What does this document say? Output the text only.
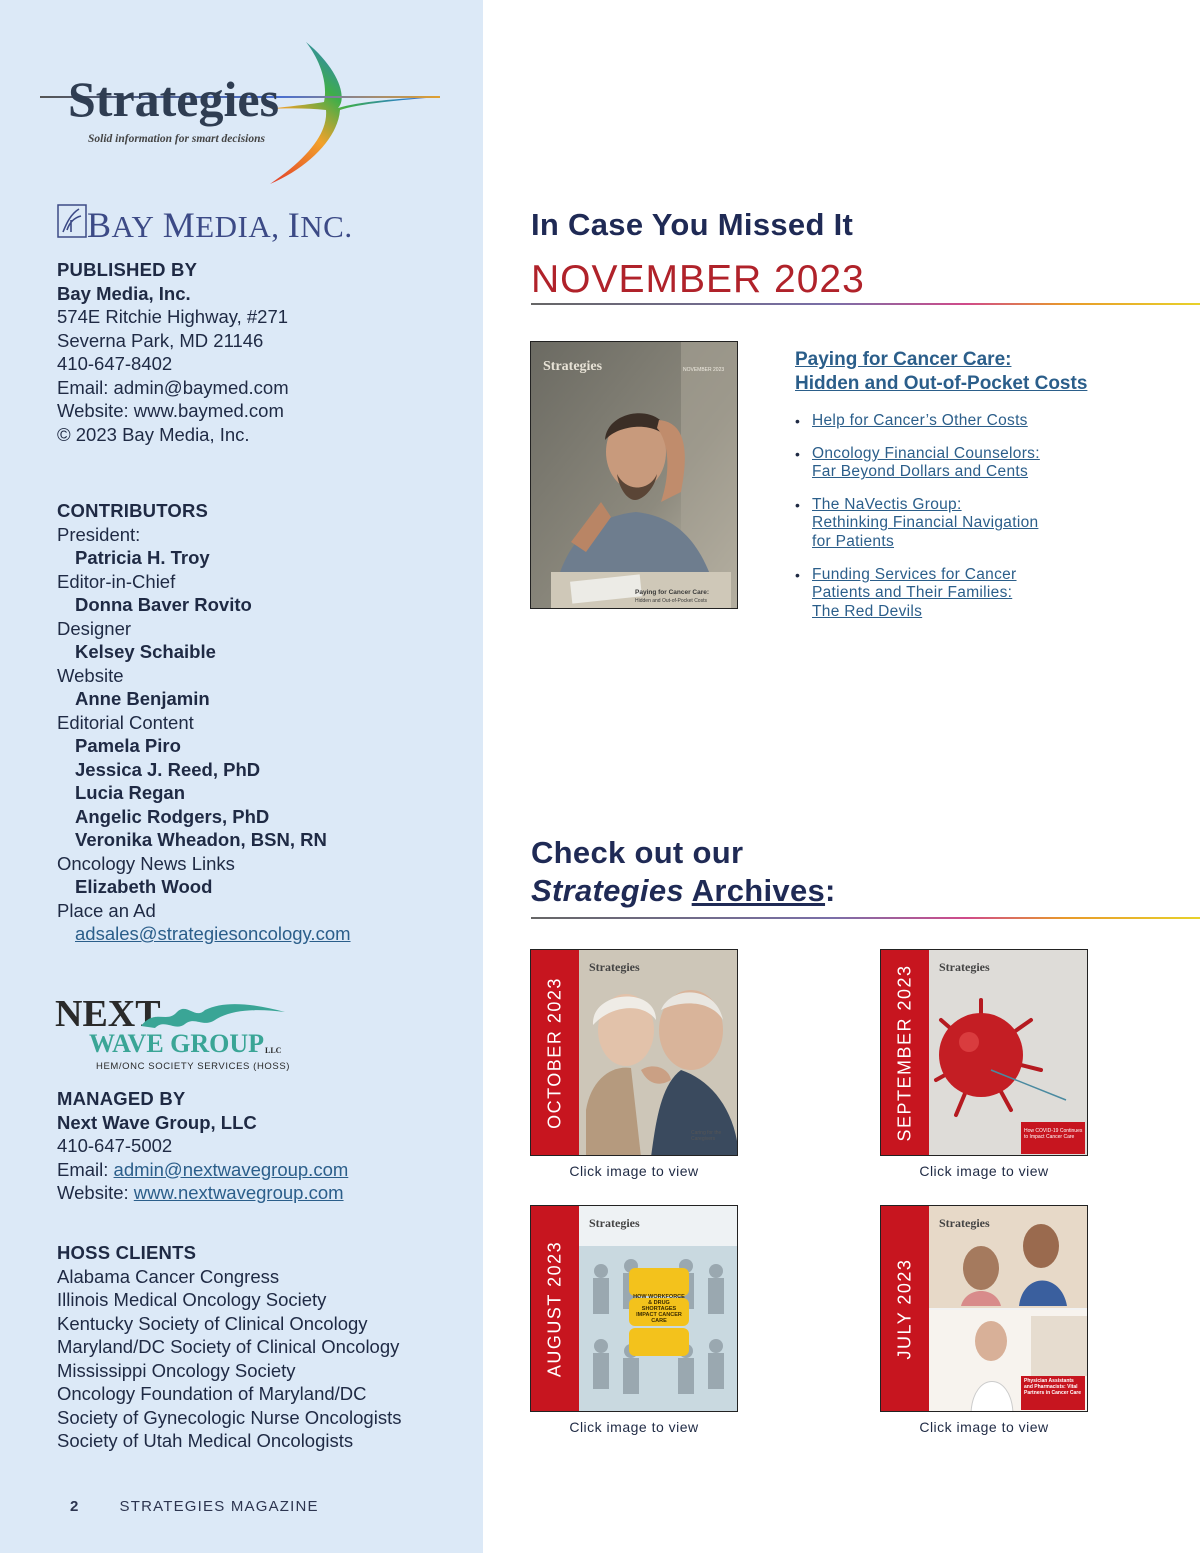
Strategies
Solid information for smart decisions
BAY MEDIA, INC.
PUBLISHED BY
Bay Media, Inc.
574E Ritchie Highway, #271
Severna Park, MD 21146
410-647-8402
Email: admin@baymed.com
Website: www.baymed.com
© 2023 Bay Media, Inc.
CONTRIBUTORS
President:
Patricia H. Troy
Editor-in-Chief
Donna Baver Rovito
Designer
Kelsey Schaible
Website
Anne Benjamin
Editorial Content
Pamela Piro
Jessica J. Reed, PhD
Lucia Regan
Angelic Rodgers, PhD
Veronika Wheadon, BSN, RN
Oncology News Links
Elizabeth Wood
Place an Ad
adsales@strategiesoncology.com
NEXT
WAVE GROUP LLC
HEM/ONC SOCIETY SERVICES (HOSS)
MANAGED BY
Next Wave Group, LLC
410-647-5002
Email: admin@nextwavegroup.com
Website: www.nextwavegroup.com
HOSS CLIENTS
Alabama Cancer Congress
Illinois Medical Oncology Society
Kentucky Society of Clinical Oncology
Maryland/DC Society of Clinical Oncology
Mississippi Oncology Society
Oncology Foundation of Maryland/DC
Society of Gynecologic Nurse Oncologists
Society of Utah Medical Oncologists
2	STRATEGIES MAGAZINE
In Case You Missed It
NOVEMBER 2023
Strategies	NOVEMBER 2023
Paying for Cancer Care:
Hidden and Out-of-Pocket Costs
Paying for Cancer Care:
Hidden and Out-of-Pocket Costs
• Help for Cancer’s Other Costs
• Oncology Financial Counselors:
Far Beyond Dollars and Cents
• The NaVectis Group:
Rethinking Financial Navigation
for Patients
• Funding Services for Cancer
Patients and Their Families:
The Red Devils
Check out our
Strategies Archives:
OCTOBER 2023
Strategies
Caring for the Caregivers
Click image to view
SEPTEMBER 2023 Strategies
How COVID-19 Continues to Impact Cancer Care
Click image to view
AUGUST 2023
Strategies
HOW WORKFORCE & DRUG SHORTAGES IMPACT CANCER CARE
Click image to view
JULY 2023
Strategies
Physician Assistants and Pharmacists: Vital Partners in Cancer Care
Click image to view
